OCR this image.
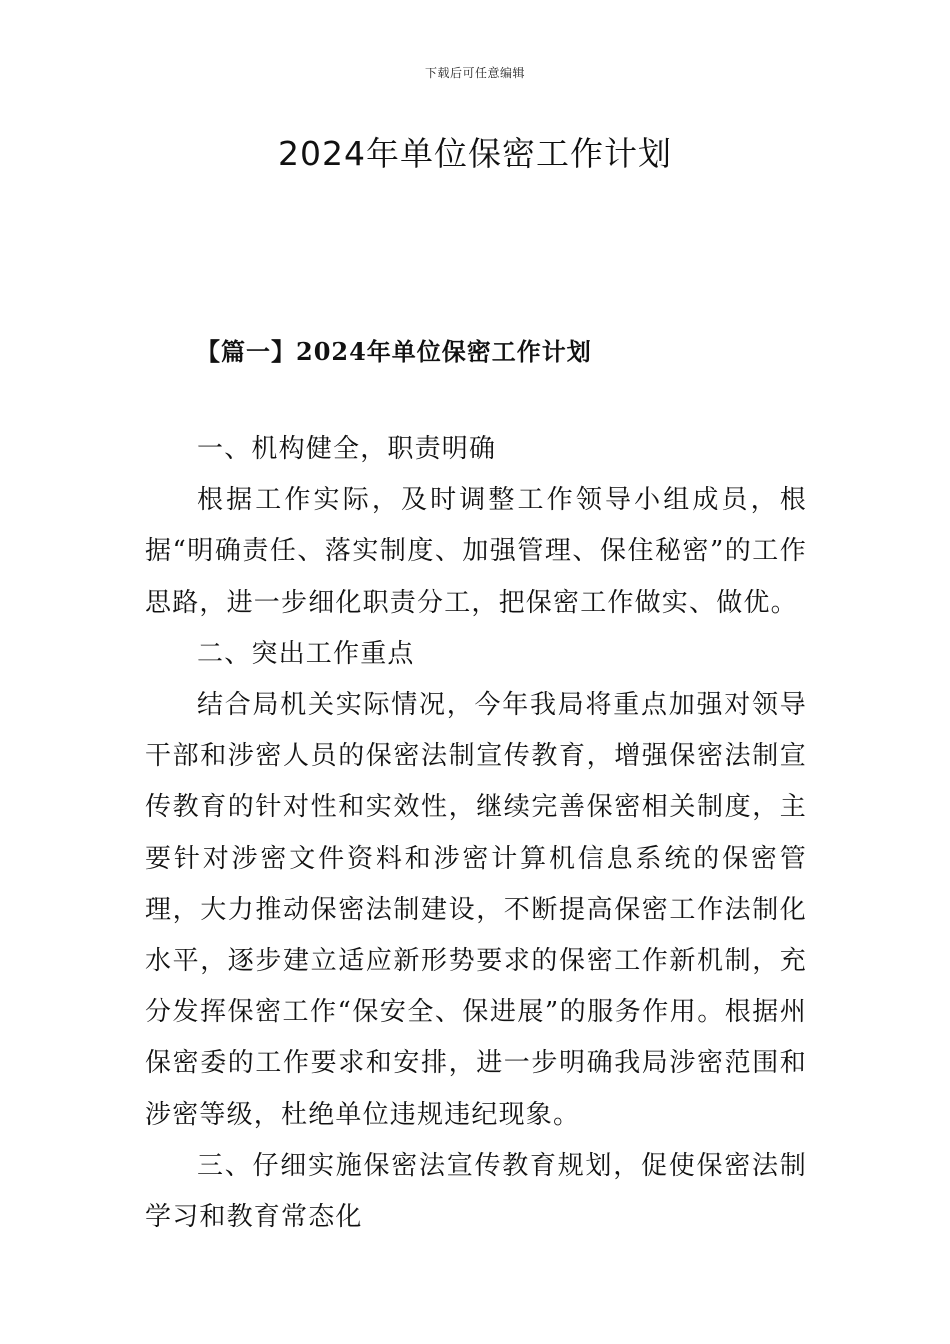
下载后可任意编辑
2024年单位保密工作计划
【篇一】2024年单位保密工作计划

一、机构健全，职责明确

根据工作实际，及时调整工作领导小组成员，根据“明确责任、落实制度、加强管理、保住秘密”的工作思路，进一步细化职责分工，把保密工作做实、做优。

二、突出工作重点

结合局机关实际情况，今年我局将重点加强对领导干部和涉密人员的保密法制宣传教育，增强保密法制宣传教育的针对性和实效性，继续完善保密相关制度，主要针对涉密文件资料和涉密计算机信息系统的保密管理，大力推动保密法制建设，不断提高保密工作法制化水平，逐步建立适应新形势要求的保密工作新机制，充分发挥保密工作“保安全、保进展”的服务作用。根据州保密委的工作要求和安排，进一步明确我局涉密范围和涉密等级，杜绝单位违规违纪现象。

三、仔细实施保密法宣传教育规划，促使保密法制学习和教育常态化
